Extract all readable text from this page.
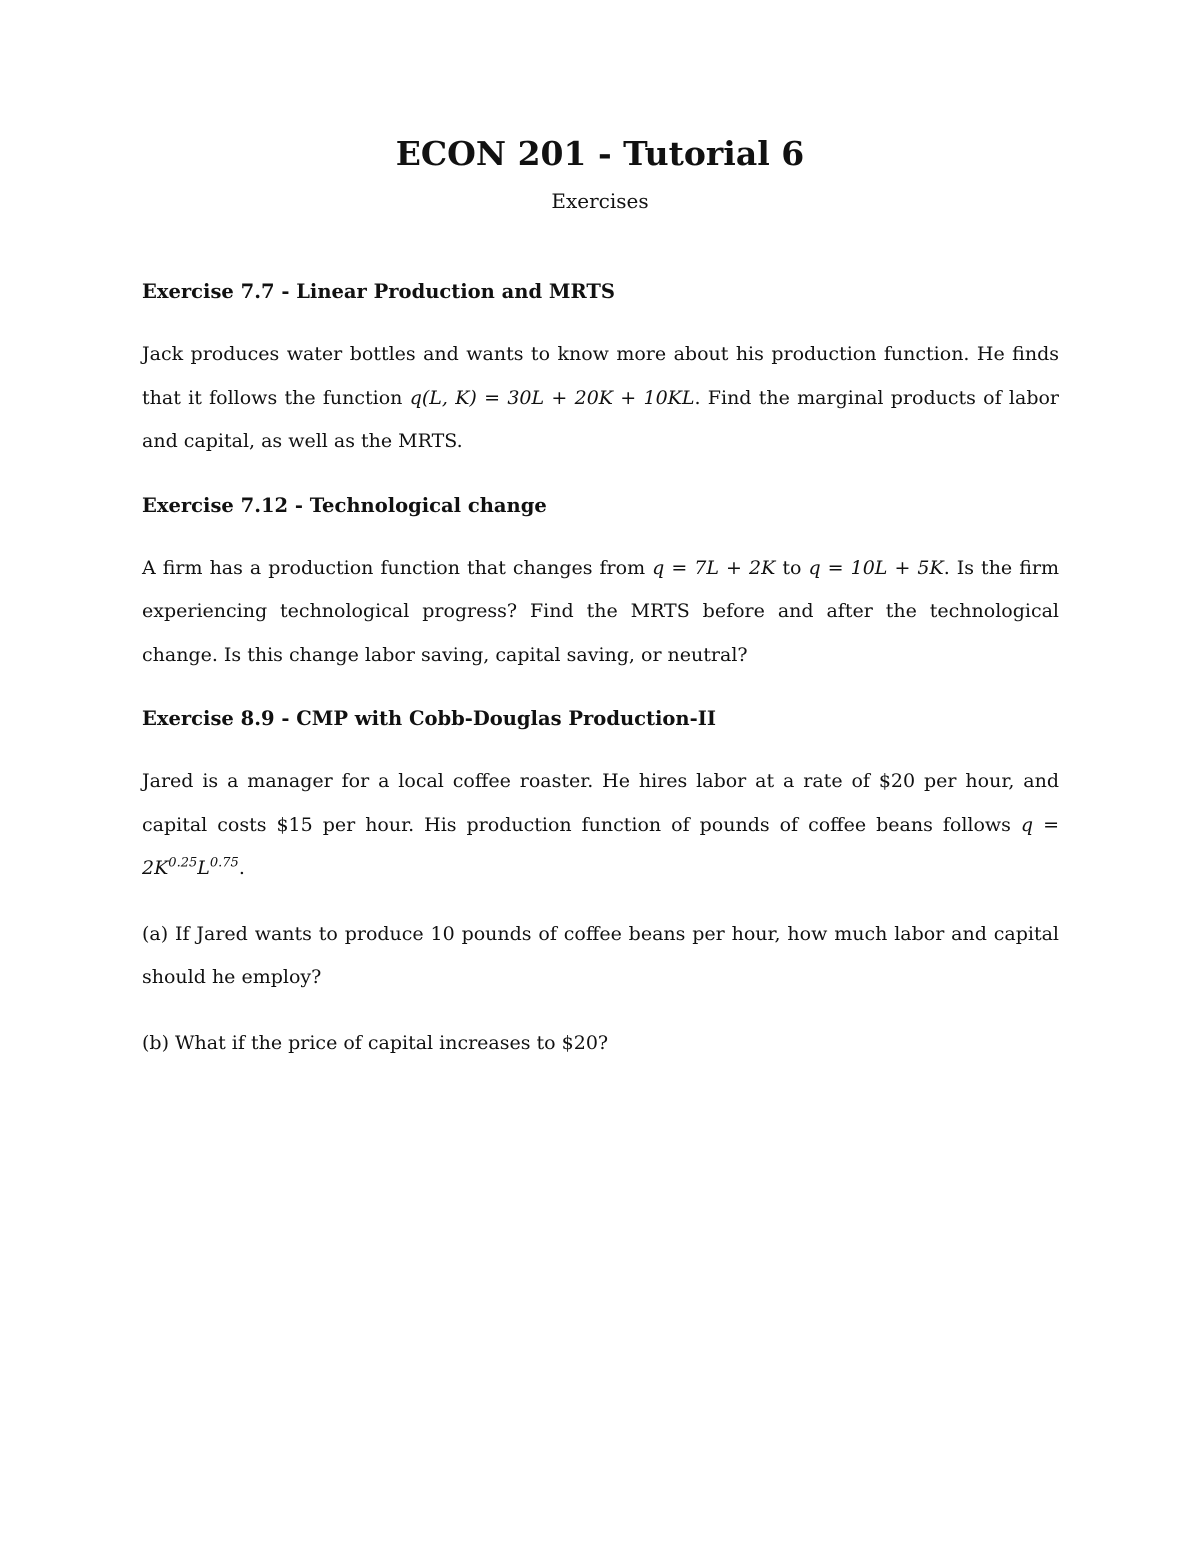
ECON 201 - Tutorial 6
Exercises
Exercise 7.7 - Linear Production and MRTS

Jack produces water bottles and wants to know more about his production function. He finds that it follows the function q(L, K) = 30L + 20K + 10KL. Find the marginal products of labor and capital, as well as the MRTS.

Exercise 7.12 - Technological change

A firm has a production function that changes from q = 7L + 2K to q = 10L + 5K. Is the firm experiencing technological progress? Find the MRTS before and after the technological change. Is this change labor saving, capital saving, or neutral?

Exercise 8.9 - CMP with Cobb-Douglas Production-II

Jared is a manager for a local coffee roaster. He hires labor at a rate of $20 per hour, and capital costs $15 per hour. His production function of pounds of coffee beans follows $q = 2K^{0.25}L^{0.75}$.

(a) If Jared wants to produce 10 pounds of coffee beans per hour, how much labor and capital should he employ?

(b) What if the price of capital increases to $20?
